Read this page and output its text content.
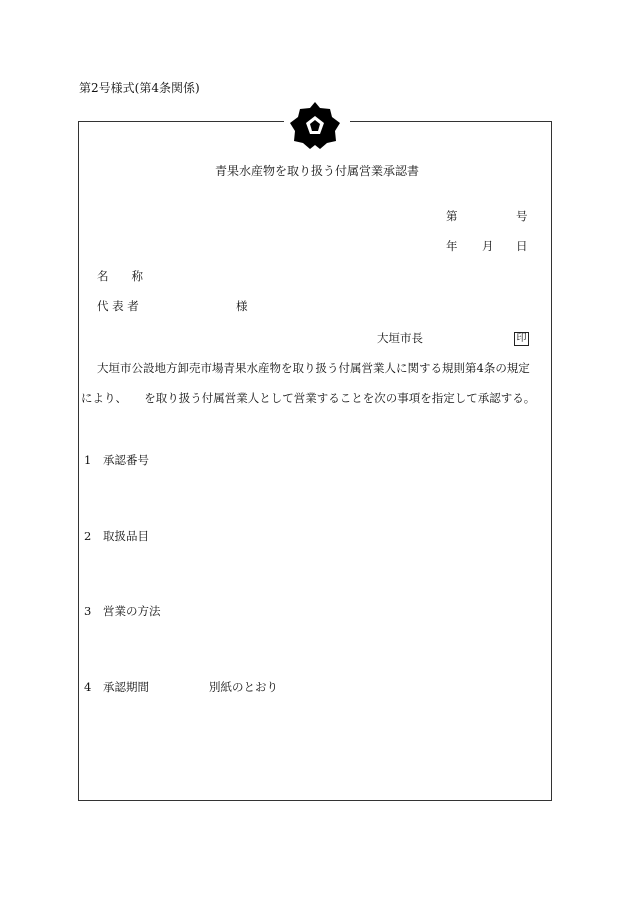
第2号様式(第4条関係)
青果水産物を取り扱う付属営業承認書
第	号
年 月 日
名　　称
代 表 者	様
大垣市長	印
大垣市公設地方卸売市場青果水産物を取り扱う付属営業人に関する規則第4条の規定
により、　　を取り扱う付属営業人として営業することを次の事項を指定して承認する。
1 承認番号
2 取扱品目
3 営業の方法
4 承認期間	別紙のとおり
